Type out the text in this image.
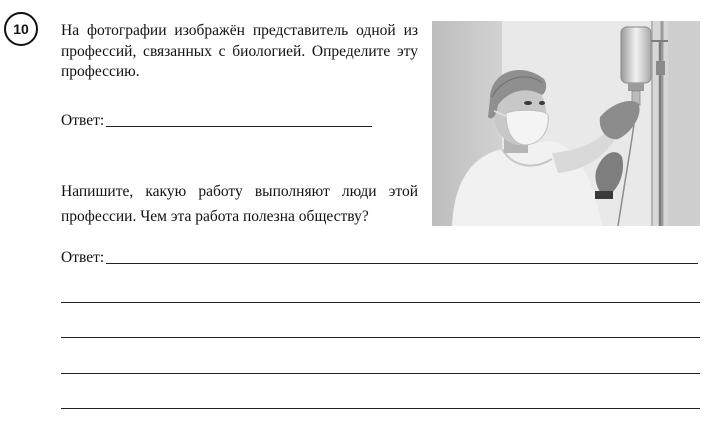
10	На фотографии изображён представитель одной из профессий, связанных с биологией. Определите эту профессию.
Ответ:
Напишите, какую работу выполняют люди этой профессии. Чем эта работа полезна обществу?
Ответ:
